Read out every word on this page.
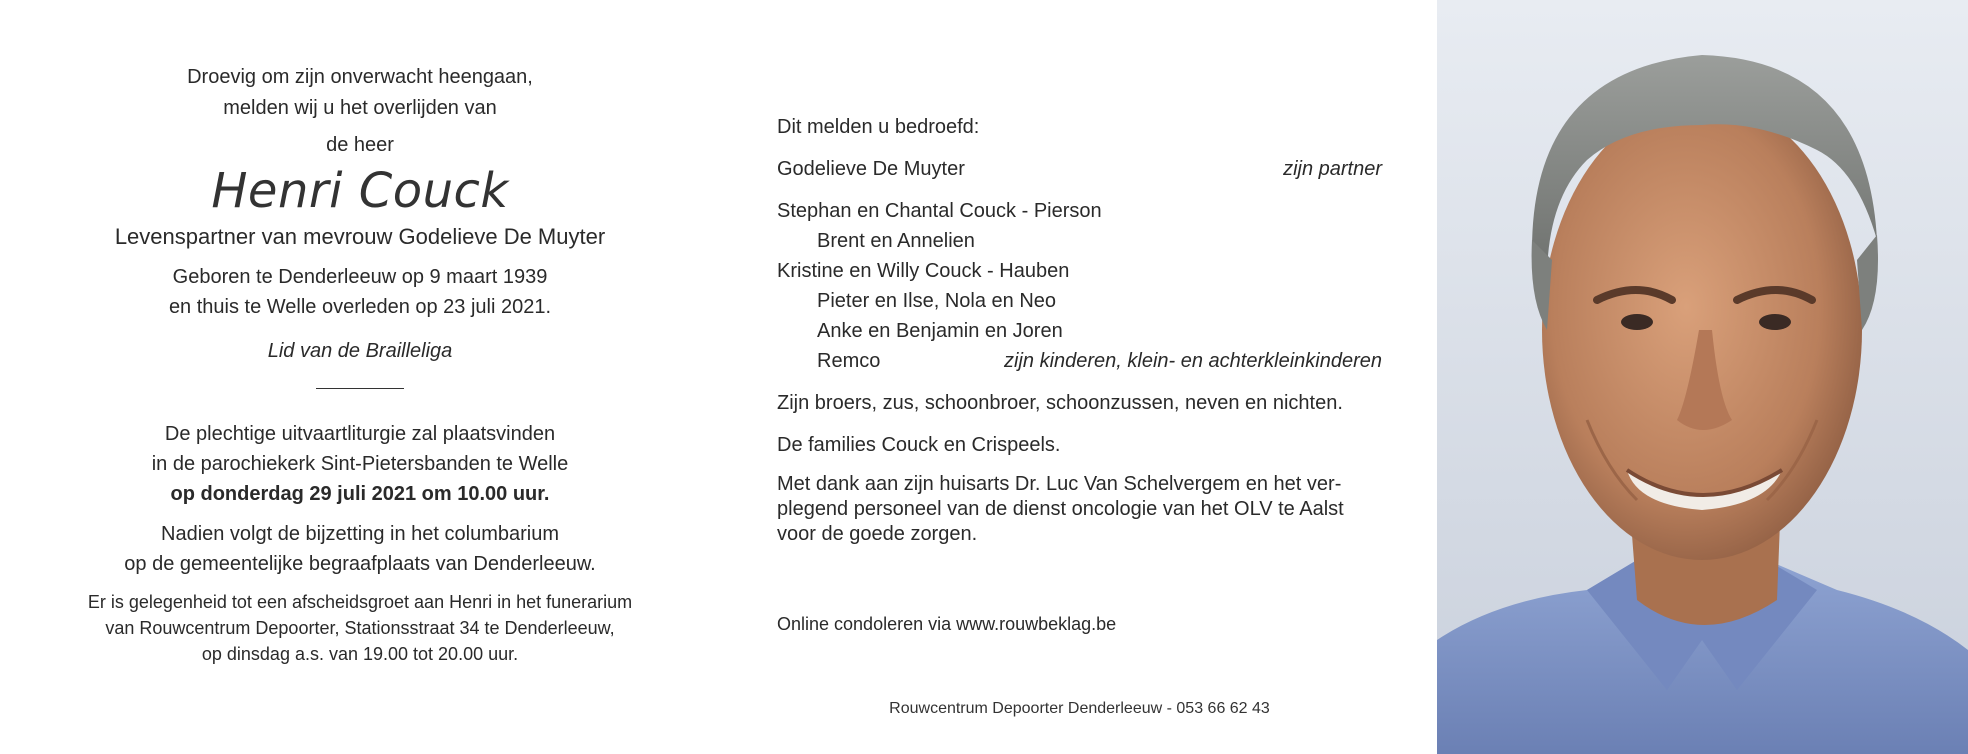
Droevig om zijn onverwacht heengaan,
melden wij u het overlijden van
de heer
Henri Couck
Levenspartner van mevrouw Godelieve De Muyter
Geboren te Denderleeuw op 9 maart 1939
en thuis te Welle overleden op 23 juli 2021.
Lid van de Brailleliga
De plechtige uitvaartliturgie zal plaatsvinden
in de parochiekerk Sint-Pietersbanden te Welle
op donderdag 29 juli 2021 om 10.00 uur.
Nadien volgt de bijzetting in het columbarium
op de gemeentelijke begraafplaats van Denderleeuw.
Er is gelegenheid tot een afscheidsgroet aan Henri in het funerarium
van Rouwcentrum Depoorter, Stationsstraat 34 te Denderleeuw,
op dinsdag a.s. van 19.00 tot 20.00 uur.
Dit melden u bedroefd:
Godelieve De Muyter	zijn partner
Stephan en Chantal Couck - Pierson
Brent en Annelien
Kristine en Willy Couck - Hauben
Pieter en Ilse, Nola en Neo
Anke en Benjamin en Joren
Remco	zijn kinderen, klein- en achterkleinkinderen
Zijn broers, zus, schoonbroer, schoonzussen, neven en nichten.
De families Couck en Crispeels.
Met dank aan zijn huisarts Dr. Luc Van Schelvergem en het ver-
plegend personeel van de dienst oncologie van het OLV te Aalst
voor de goede zorgen.
Online condoleren via www.rouwbeklag.be
Rouwcentrum Depoorter Denderleeuw - 053 66 62 43
